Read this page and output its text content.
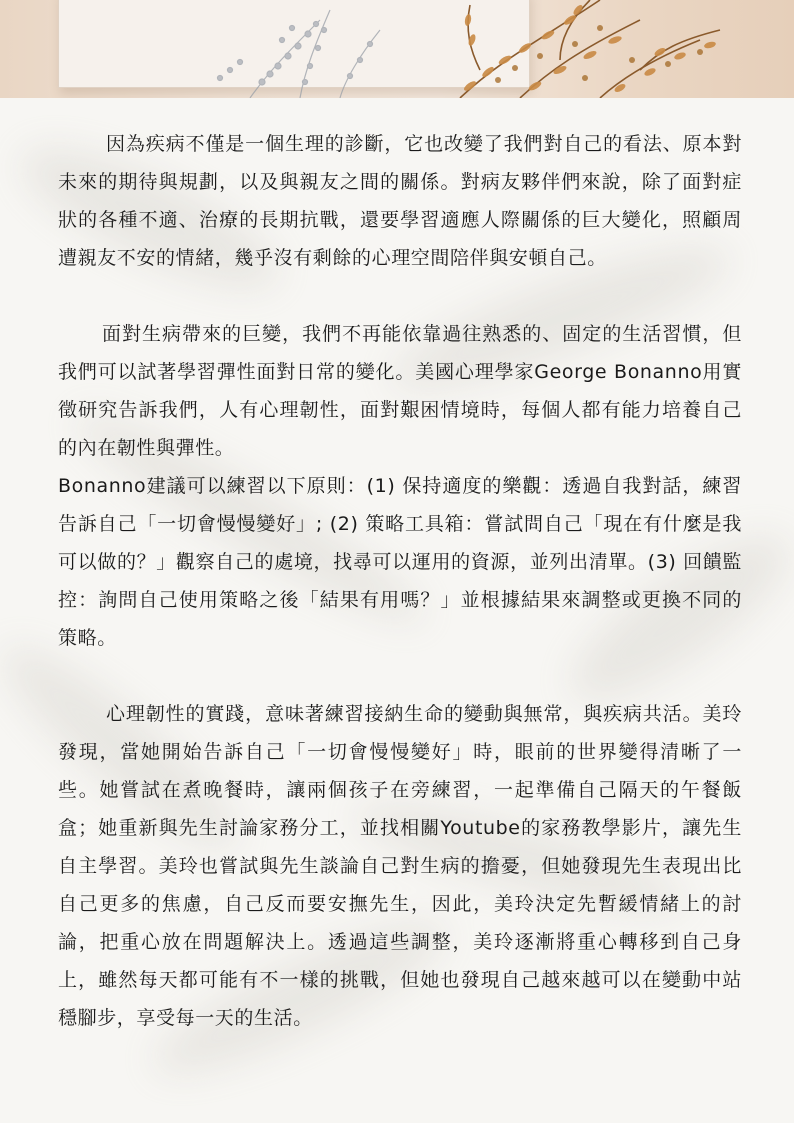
因為疾病不僅是一個生理的診斷，它也改變了我們對自己的看法、原本對未來的期待與規劃，以及與親友之間的關係。對病友夥伴們來說，除了面對症狀的各種不適、治療的長期抗戰，還要學習適應人際關係的巨大變化，照顧周遭親友不安的情緒，幾乎沒有剩餘的心理空間陪伴與安頓自己。

面對生病帶來的巨變，我們不再能依靠過往熟悉的、固定的生活習慣，但我們可以試著學習彈性面對日常的變化。美國心理學家George Bonanno用實徵研究告訴我們，人有心理韌性，面對艱困情境時，每個人都有能力培養自己的內在韌性與彈性。

Bonanno建議可以練習以下原則：(1) 保持適度的樂觀：透過自我對話，練習告訴自己「一切會慢慢變好」; (2) 策略工具箱：嘗試問自己「現在有什麼是我可以做的？」觀察自己的處境，找尋可以運用的資源，並列出清單。(3) 回饋監控：詢問自己使用策略之後「結果有用嗎？」並根據結果來調整或更換不同的策略。

心理韌性的實踐，意味著練習接納生命的變動與無常，與疾病共活。美玲發現，當她開始告訴自己「一切會慢慢變好」時，眼前的世界變得清晰了一些。她嘗試在煮晚餐時，讓兩個孩子在旁練習，一起準備自己隔天的午餐飯盒；她重新與先生討論家務分工，並找相關Youtube的家務教學影片，讓先生自主學習。美玲也嘗試與先生談論自己對生病的擔憂，但她發現先生表現出比自己更多的焦慮，自己反而要安撫先生，因此，美玲決定先暫緩情緒上的討論，把重心放在問題解決上。透過這些調整，美玲逐漸將重心轉移到自己身上，雖然每天都可能有不一樣的挑戰，但她也發現自己越來越可以在變動中站穩腳步，享受每一天的生活。
